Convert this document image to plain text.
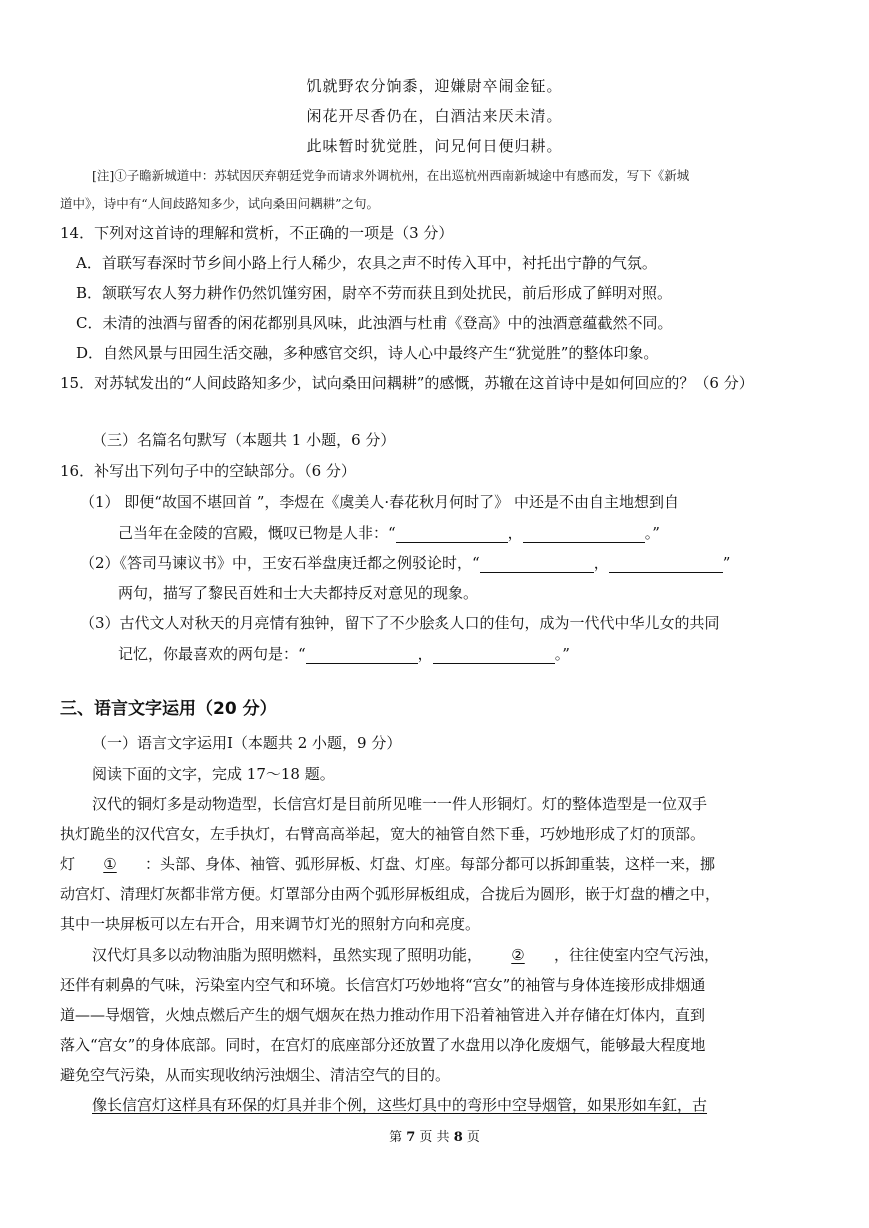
饥就野农分饷黍，迎嫌尉卒闹金钲。
闲花开尽香仍在，白酒沽来厌未清。
此味暂时犹觉胜，问兄何日便归耕。
[注]①子瞻新城道中：苏轼因厌弃朝廷党争而请求外调杭州，在出巡杭州西南新城途中有感而发，写下《新城
道中》，诗中有“人间歧路知多少，试向桑田问耦耕”之句。
14．下列对这首诗的理解和赏析，不正确的一项是（3 分）
A．首联写春深时节乡间小路上行人稀少，农具之声不时传入耳中，衬托出宁静的气氛。
B．颔联写农人努力耕作仍然饥馑穷困，尉卒不劳而获且到处扰民，前后形成了鲜明对照。
C．未清的浊酒与留香的闲花都别具风味，此浊酒与杜甫《登高》中的浊酒意蕴截然不同。
D．自然风景与田园生活交融，多种感官交织，诗人心中最终产生“犹觉胜”的整体印象。
15．对苏轼发出的“人间歧路知多少，试向桑田问耦耕”的感慨，苏辙在这首诗中是如何回应的？（6 分）
（三）名篇名句默写（本题共 1 小题，6 分）
16．补写出下列句子中的空缺部分。（6 分）
（1） 即便“故国不堪回首 ”，李煜在《虞美人·春花秋月何时了》 中还是不由自主地想到自
己当年在金陵的宫殿，慨叹已物是人非：“	，	。”
（2）《答司马谏议书》中，王安石举盘庚迁都之例驳论时，“	，	”
两句，描写了黎民百姓和士大夫都持反对意见的现象。
（3）古代文人对秋天的月亮情有独钟，留下了不少脍炙人口的佳句，成为一代代中华儿女的共同
记忆，你最喜欢的两句是：“	，	。”
三、语言文字运用（20 分）
（一）语言文字运用Ⅰ（本题共 2 小题，9 分）
阅读下面的文字，完成 17～18 题。
汉代的铜灯多是动物造型，长信宫灯是目前所见唯一一件人形铜灯。灯的整体造型是一位双手
执灯跪坐的汉代宫女，左手执灯，右臂高高举起，宽大的袖管自然下垂，巧妙地形成了灯的顶部。
灯 ① ：头部、身体、袖管、弧形屏板、灯盘、灯座。每部分都可以拆卸重装，这样一来，挪
动宫灯、清理灯灰都非常方便。灯罩部分由两个弧形屏板组成，合拢后为圆形，嵌于灯盘的槽之中，
其中一块屏板可以左右开合，用来调节灯光的照射方向和亮度。
汉代灯具多以动物油脂为照明燃料，虽然实现了照明功能， ② ，往往使室内空气污浊，
还伴有刺鼻的气味，污染室内空气和环境。长信宫灯巧妙地将“宫女”的袖管与身体连接形成排烟通
道——导烟管，火烛点燃后产生的烟气烟灰在热力推动作用下沿着袖管进入并存储在灯体内，直到
落入“宫女”的身体底部。同时，在宫灯的底座部分还放置了水盘用以净化废烟气，能够最大程度地
避免空气污染，从而实现收纳污浊烟尘、清洁空气的目的。
像长信宫灯这样具有环保的灯具并非个例，这些灯具中的弯形中空导烟管，如果形如车釭，古
第 7 页 共 8 页
